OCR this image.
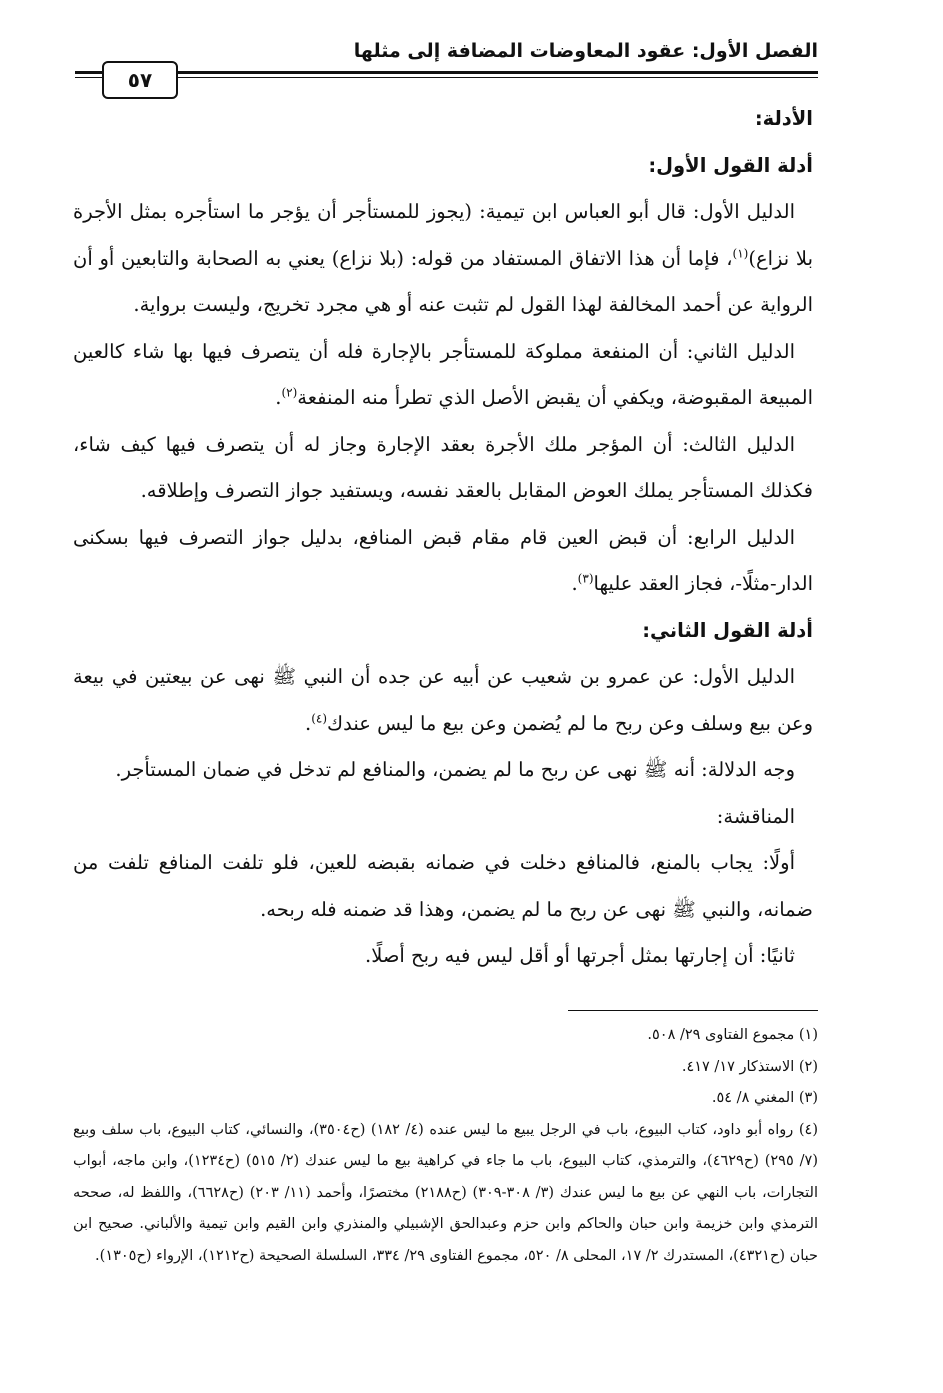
الفصل الأول: عقود المعاوضات المضافة إلى مثلها
٥٧

الأدلة:

أدلة القول الأول:

الدليل الأول: قال أبو العباس ابن تيمية: (يجوز للمستأجر أن يؤجر ما استأجره بمثل الأجرة بلا نزاع)$^{(١)}$، فإما أن هذا الاتفاق المستفاد من قوله: (بلا نزاع) يعني به الصحابة والتابعين أو أن الرواية عن أحمد المخالفة لهذا القول لم تثبت عنه أو هي مجرد تخريج، وليست برواية.

الدليل الثاني: أن المنفعة مملوكة للمستأجر بالإجارة فله أن يتصرف فيها بها شاء كالعين المبيعة المقبوضة، ويكفي أن يقبض الأصل الذي تطرأ منه المنفعة$^{(٢)}$.

الدليل الثالث: أن المؤجر ملك الأجرة بعقد الإجارة وجاز له أن يتصرف فيها كيف شاء، فكذلك المستأجر يملك العوض المقابل بالعقد نفسه، ويستفيد جواز التصرف وإطلاقه.

الدليل الرابع: أن قبض العين قام مقام قبض المنافع، بدليل جواز التصرف فيها بسكنى الدار-مثلًا-، فجاز العقد عليها$^{(٣)}$.

أدلة القول الثاني:

الدليل الأول: عن عمرو بن شعيب عن أبيه عن جده أن النبي ﷺ نهى عن بيعتين في بيعة وعن بيع وسلف وعن ربح ما لم يُضمن وعن بيع ما ليس عندك$^{(٤)}$.

وجه الدلالة: أنه ﷺ نهى عن ربح ما لم يضمن، والمنافع لم تدخل في ضمان المستأجر.

المناقشة:

أولًا: يجاب بالمنع، فالمنافع دخلت في ضمانه بقبضه للعين، فلو تلفت المنافع تلفت من ضمانه، والنبي ﷺ نهى عن ربح ما لم يضمن، وهذا قد ضمنه فله ربحه.

ثانيًا: أن إجارتها بمثل أجرتها أو أقل ليس فيه ربح أصلًا.

(١) مجموع الفتاوى ٢٩/ ٥٠٨.

(٢) الاستذكار ١٧/ ٤١٧.

(٣) المغني ٨/ ٥٤.

(٤) رواه أبو داود، كتاب البيوع، باب في الرجل يبيع ما ليس عنده (٤/ ١٨٢) (ح٣٥٠٤)، والنسائي، كتاب البيوع، باب سلف وبيع (٧/ ٢٩٥) (ح٤٦٢٩)، والترمذي، كتاب البيوع، باب ما جاء في كراهية بيع ما ليس عندك (٢/ ٥١٥) (ح١٢٣٤)، وابن ماجه، أبواب التجارات، باب النهي عن بيع ما ليس عندك (٣/ ٣٠٨-٣٠٩) (ح٢١٨٨) مختصرًا، وأحمد (١١/ ٢٠٣) (ح٦٦٢٨)، واللفظ له، صححه الترمذي وابن خزيمة وابن حبان والحاكم وابن حزم وعبدالحق الإشبيلي والمنذري وابن القيم وابن تيمية والألباني. صحيح ابن حبان (ح٤٣٢١)، المستدرك ٢/ ١٧، المحلى ٨/ ٥٢٠، مجموع الفتاوى ٢٩/ ٣٣٤، السلسلة الصحيحة (ح١٢١٢)، الإرواء (ح١٣٠٥).
